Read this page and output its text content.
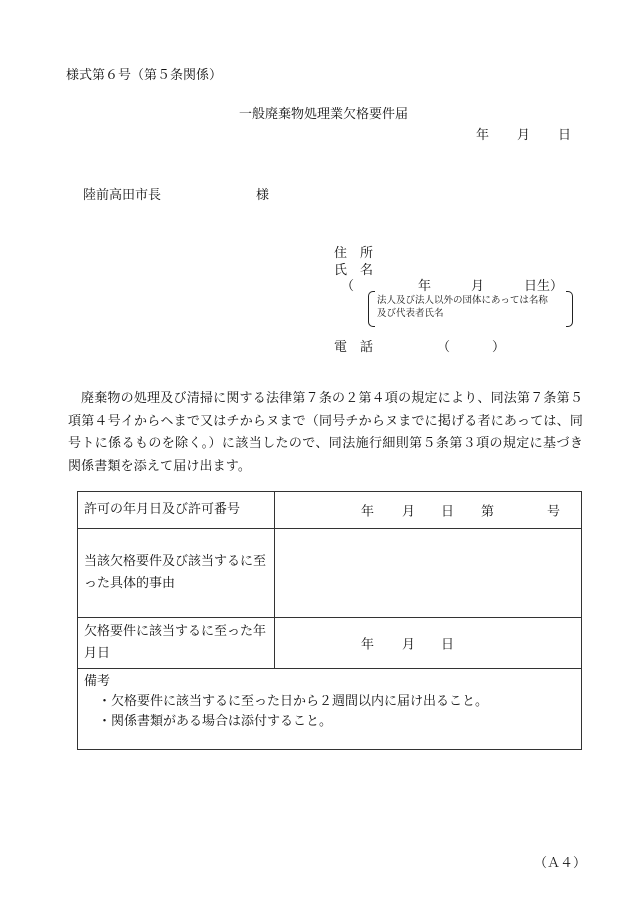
様式第６号（第５条関係）
一般廃棄物処理業欠格要件届
年 月 日
陸前高田市長	様
住　所
氏　名
（	年	月	日生）
法人及び法人以外の団体にあっては名称
及び代表者氏名
電　話	（	）
廃棄物の処理及び清掃に関する法律第７条の２第４項の規定により、同法第７条第５項第４号イからヘまで又はチからヌまで（同号チからヌまでに掲げる者にあっては、同号トに係るものを除く。）に該当したので、同法施行細則第５条第３項の規定に基づき関係書類を添えて届け出ます。
許可の年月日及び許可番号	年 月 日 第 号

当該欠格要件及び該当するに至った具体的事由	
欠格要件に該当するに至った年月日	年 月 日

備考
・欠格要件に該当するに至った日から２週間以内に届け出ること。
・関係書類がある場合は添付すること。	
（Ａ４）
